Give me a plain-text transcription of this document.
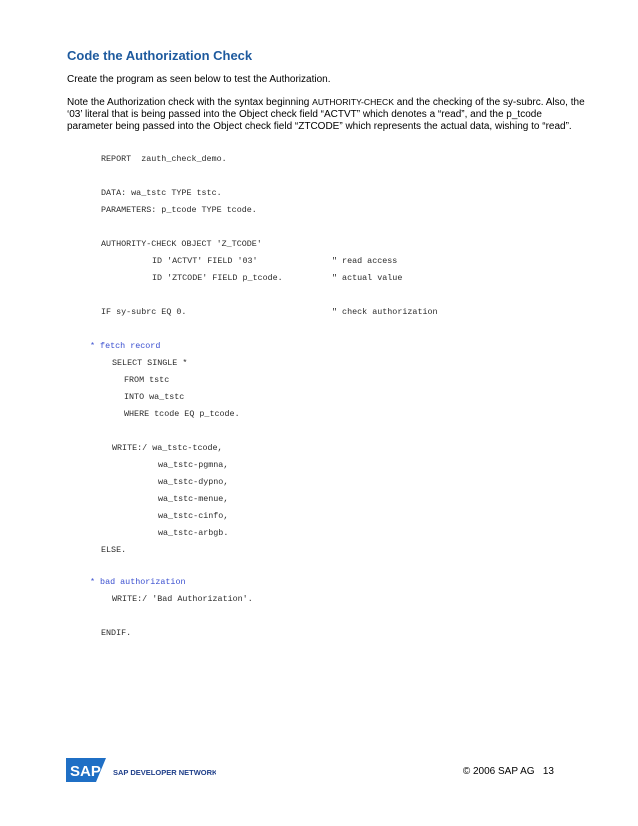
Code the Authorization Check
Create the program as seen below to test the Authorization.
Note the Authorization check with the syntax beginning AUTHORITY-CHECK and the checking of the sy-subrc. Also, the ‘03’ literal that is being passed into the Object check field “ACTVT” which denotes a “read”, and the p_tcode parameter being passed into the Object check field “ZTCODE” which represents the actual data, wishing to “read”.
REPORT  zauth_check_demo.
DATA: wa_tstc TYPE tstc.
PARAMETERS: p_tcode TYPE tcode.
AUTHORITY-CHECK OBJECT 'Z_TCODE'
ID 'ACTVT' FIELD '03'	" read access
ID 'ZTCODE' FIELD p_tcode.	" actual value
IF sy-subrc EQ 0.	" check authorization
* fetch record
SELECT SINGLE *
FROM tstc
INTO wa_tstc
WHERE tcode EQ p_tcode.
WRITE:/ wa_tstc-tcode,
wa_tstc-pgmna,
wa_tstc-dypno,
wa_tstc-menue,
wa_tstc-cinfo,
wa_tstc-arbgb.
ELSE.
* bad authorization
WRITE:/ 'Bad Authorization'.
ENDIF.
SAP SAP DEVELOPER NETWORK	© 2006 SAP AG 13
